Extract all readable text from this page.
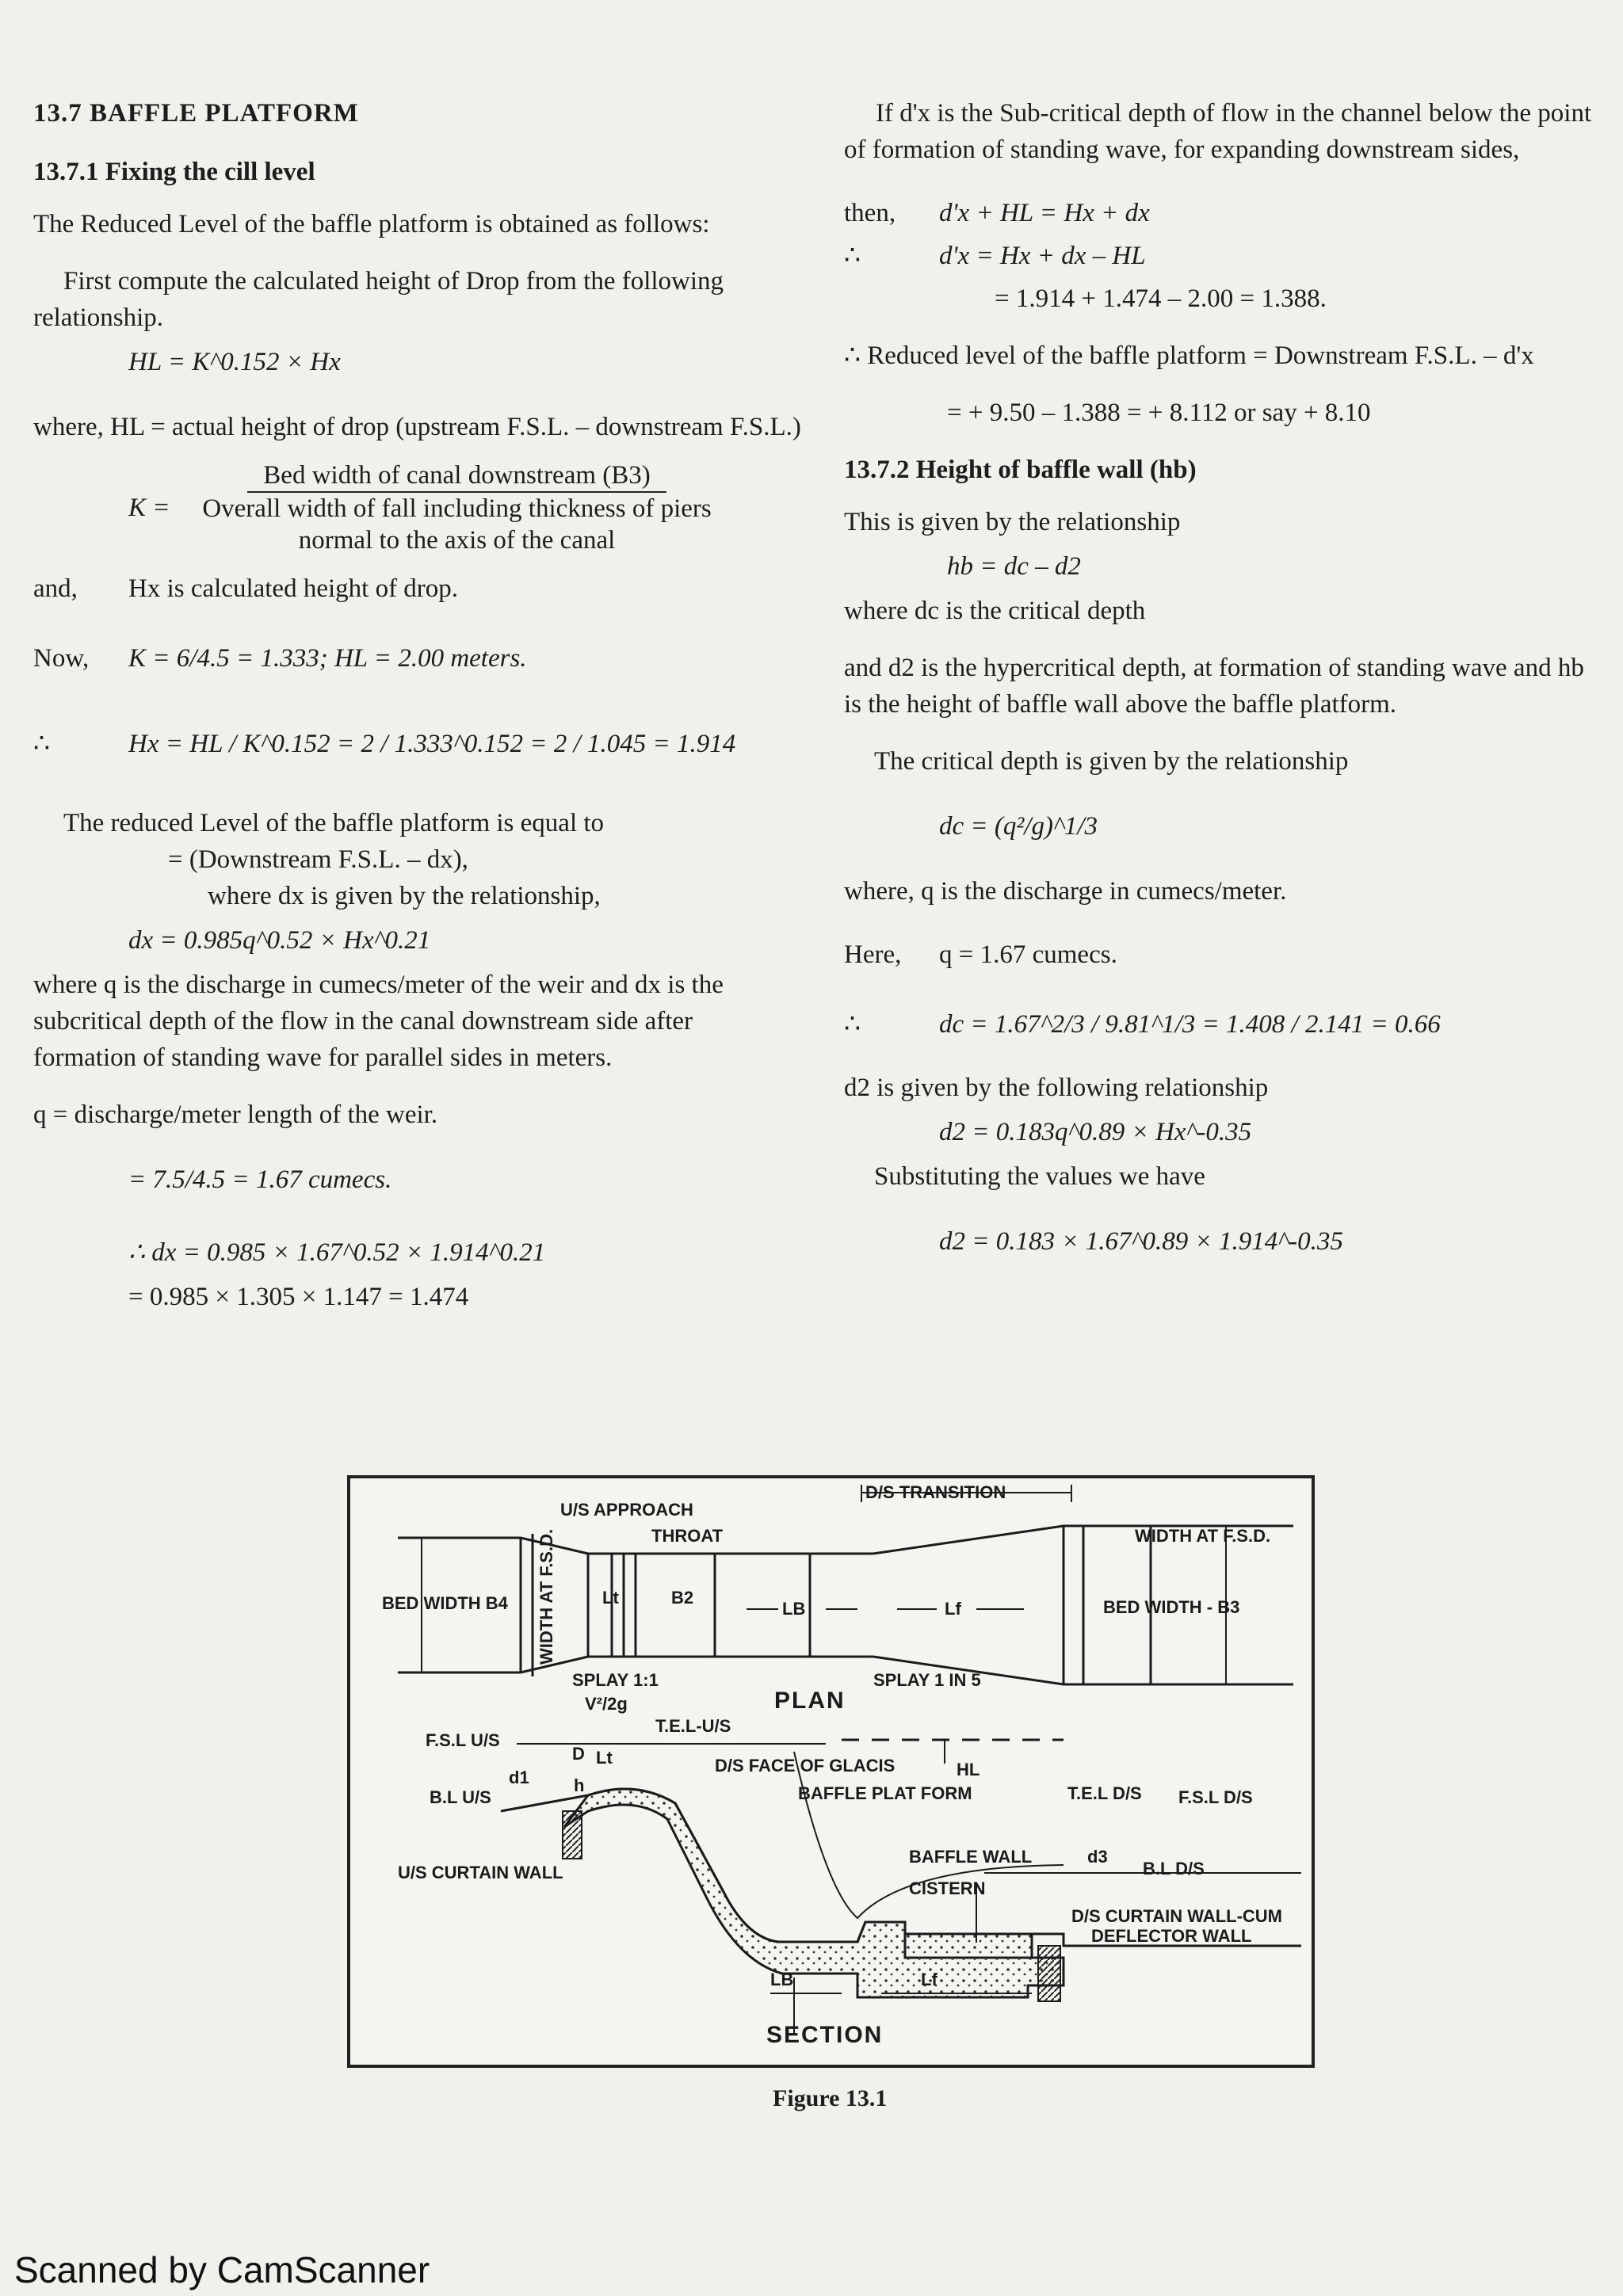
13.7 BAFFLE PLATFORM

13.7.1 Fixing the cill level

The Reduced Level of the baffle platform is obtained as follows:

First compute the calculated height of Drop from the following relationship.

HL = K^0.152 × Hx

where, HL = actual height of drop (upstream F.S.L. – downstream F.S.L.)

K =
Bed width of canal downstream (B3)
Overall width of fall including thickness of piers normal to the axis of the canal

and,	Hx is calculated height of drop.

Now,	K = 6/4.5 = 1.333; HL = 2.00 meters.

∴	Hx = HL / K^0.152 = 2 / 1.333^0.152 = 2 / 1.045 = 1.914

The reduced Level of the baffle platform is equal to

= (Downstream F.S.L. – dx),

where dx is given by the relationship,

dx = 0.985q^0.52 × Hx^0.21

where q is the discharge in cumecs/meter of the weir and dx is the subcritical depth of the flow in the canal downstream side after formation of standing wave for parallel sides in meters.

q = discharge/meter length of the weir.

= 7.5/4.5 = 1.67 cumecs.

∴ dx = 0.985 × 1.67^0.52 × 1.914^0.21

= 0.985 × 1.305 × 1.147 = 1.474

If d'x is the Sub-critical depth of flow in the channel below the point of formation of standing wave, for expanding downstream sides,

then,	d'x + HL = Hx + dx

∴	d'x = Hx + dx – HL

= 1.914 + 1.474 – 2.00 = 1.388.

∴ Reduced level of the baffle platform = Downstream F.S.L. – d'x

= + 9.50 – 1.388 = + 8.112 or say + 8.10

13.7.2 Height of baffle wall (hb)

This is given by the relationship

hb = dc – d2

where dc is the critical depth

and d2 is the hypercritical depth, at formation of standing wave and hb is the height of baffle wall above the baffle platform.

The critical depth is given by the relationship

dc = (q²/g)^1/3

where, q is the discharge in cumecs/meter.

Here,	q = 1.67 cumecs.

∴	dc = 1.67^2/3 / 9.81^1/3 = 1.408 / 2.141 = 0.66

d2 is given by the following relationship

d2 = 0.183q^0.89 × Hx^-0.35

Substituting the values we have

d2 = 0.183 × 1.67^0.89 × 1.914^-0.35

U/S APPROACH
THROAT
D/S TRANSITION
WIDTH AT F.S.D.
BED WIDTH B4 WIDTH AT F.S.D.	Lt	B2
LB	Lf	BED WIDTH - B3
SPLAY 1:1	SPLAY 1 IN 5
PLAN
V²/2g
T.E.L-U/S
F.S.L U/S
B.L U/S
d1
D
h
Lt	D/S FACE OF GLACIS	HL
BAFFLE PLAT FORM	T.E.L D/S F.S.L D/S
U/S CURTAIN WALL
BAFFLE WALL	d3
B.L D/S
CISTERN
D/S CURTAIN WALL-CUM
DEFLECTOR WALL
LB	Lf
SECTION
Figure 13.1
Scanned by CamScanner
